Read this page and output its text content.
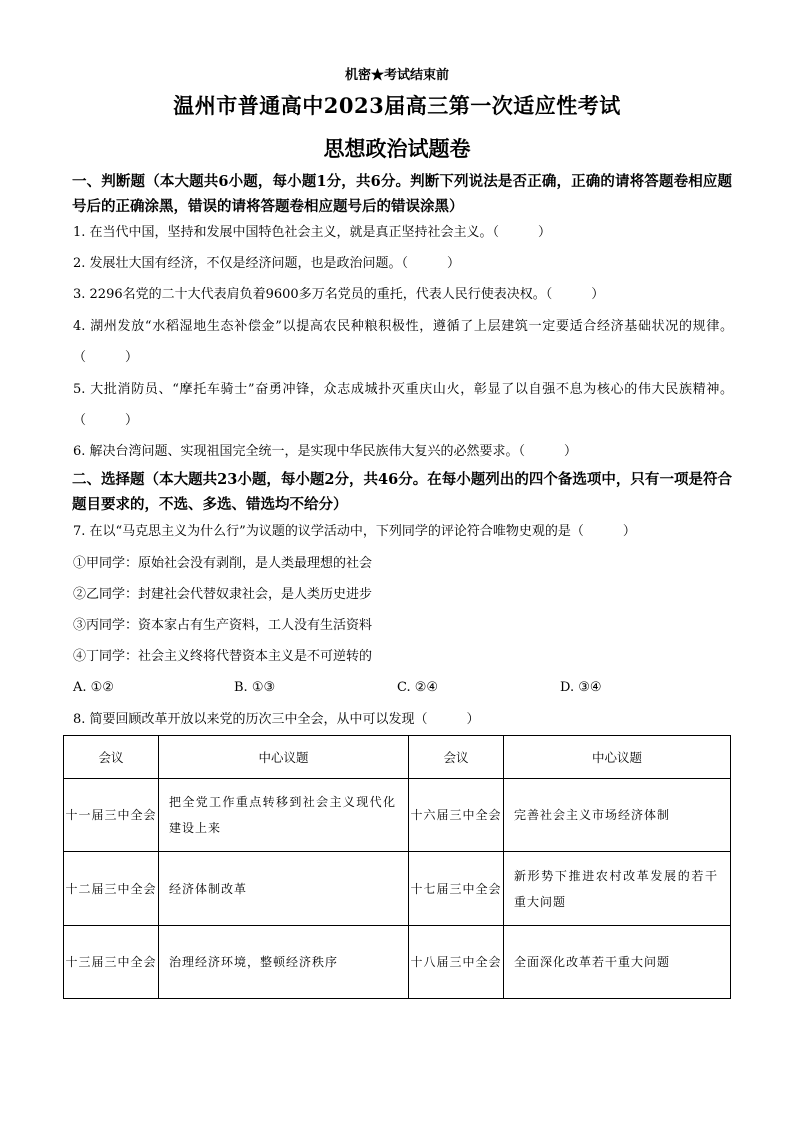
机密★考试结束前
温州市普通高中2023届高三第一次适应性考试
思想政治试题卷
一、判断题（本大题共6小题，每小题1分，共6分。判断下列说法是否正确，正确的请将答题卷相应题号后的正确涂黑，错误的请将答题卷相应题号后的错误涂黑）
1. 在当代中国，坚持和发展中国特色社会主义，就是真正坚持社会主义。（　　　）
2. 发展壮大国有经济，不仅是经济问题，也是政治问题。（　　　）
3. 2296名党的二十大代表肩负着9600多万名党员的重托，代表人民行使表决权。（　　　）
4. 湖州发放“水稻湿地生态补偿金”以提高农民种粮积极性，遵循了上层建筑一定要适合经济基础状况的规律。（　　　）
5. 大批消防员、“摩托车骑士”奋勇冲锋，众志成城扑灭重庆山火，彰显了以自强不息为核心的伟大民族精神。（　　　）
6. 解决台湾问题、实现祖国完全统一，是实现中华民族伟大复兴的必然要求。（　　　）
二、选择题（本大题共23小题，每小题2分，共46分。在每小题列出的四个备选项中，只有一项是符合题目要求的，不选、多选、错选均不给分）
7. 在以“马克思主义为什么行”为议题的议学活动中，下列同学的评论符合唯物史观的是（　　　）
①甲同学：原始社会没有剥削，是人类最理想的社会
②乙同学：封建社会代替奴隶社会，是人类历史进步
③丙同学：资本家占有生产资料，工人没有生活资料
④丁同学：社会主义终将代替资本主义是不可逆转的
A. ①②	B. ①③	C. ②④	D. ③④
8. 简要回顾改革开放以来党的历次三中全会，从中可以发现（　　　）
会议	中心议题	会议	中心议题
十一届三中全会	把全党工作重点转移到社会主义现代化建设上来	十六届三中全会	完善社会主义市场经济体制
十二届三中全会	经济体制改革	十七届三中全会	新形势下推进农村改革发展的若干重大问题
十三届三中全会	治理经济环境，整顿经济秩序	十八届三中全会	全面深化改革若干重大问题
